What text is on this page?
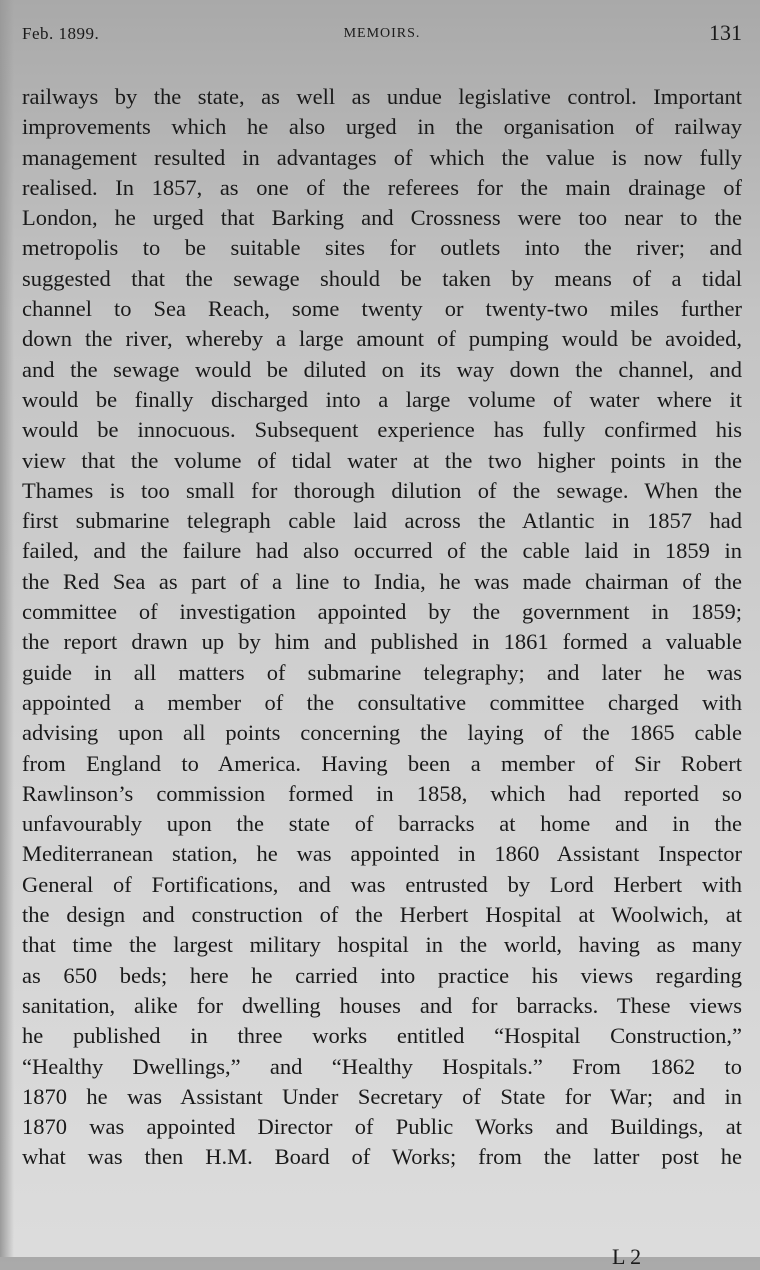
Feb. 1899.	MEMOIRS.	131
railways by the state, as well as undue legislative control. Important
improvements which he also urged in the organisation of railway
management resulted in advantages of which the value is now fully
realised. In 1857, as one of the referees for the main drainage of
London, he urged that Barking and Crossness were too near to the
metropolis to be suitable sites for outlets into the river; and
suggested that the sewage should be taken by means of a tidal
channel to Sea Reach, some twenty or twenty-two miles further
down the river, whereby a large amount of pumping would be avoided,
and the sewage would be diluted on its way down the channel, and
would be finally discharged into a large volume of water where it
would be innocuous. Subsequent experience has fully confirmed his
view that the volume of tidal water at the two higher points in the
Thames is too small for thorough dilution of the sewage. When the
first submarine telegraph cable laid across the Atlantic in 1857 had
failed, and the failure had also occurred of the cable laid in 1859 in
the Red Sea as part of a line to India, he was made chairman of the
committee of investigation appointed by the government in 1859;
the report drawn up by him and published in 1861 formed a valuable
guide in all matters of submarine telegraphy; and later he was
appointed a member of the consultative committee charged with
advising upon all points concerning the laying of the 1865 cable
from England to America. Having been a member of Sir Robert
Rawlinson’s commission formed in 1858, which had reported so
unfavourably upon the state of barracks at home and in the
Mediterranean station, he was appointed in 1860 Assistant Inspector
General of Fortifications, and was entrusted by Lord Herbert with
the design and construction of the Herbert Hospital at Woolwich, at
that time the largest military hospital in the world, having as many
as 650 beds; here he carried into practice his views regarding
sanitation, alike for dwelling houses and for barracks. These views
he published in three works entitled “Hospital Construction,”
“Healthy Dwellings,” and “Healthy Hospitals.” From 1862 to
1870 he was Assistant Under Secretary of State for War; and in
1870 was appointed Director of Public Works and Buildings, at
what was then H.M. Board of Works; from the latter post he
L 2
